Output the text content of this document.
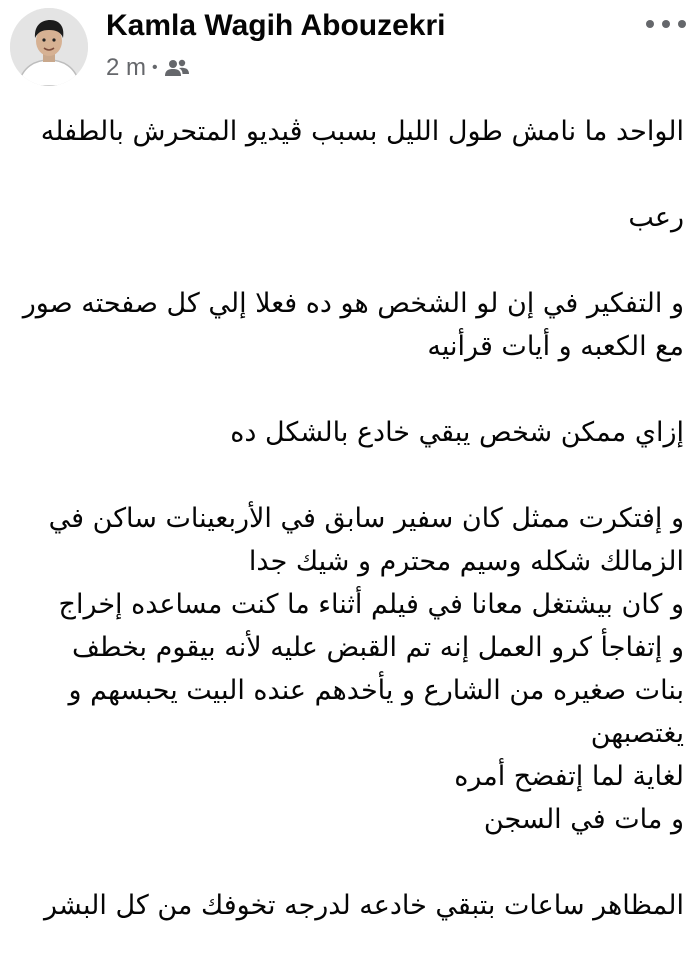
Kamla Wagih Abouzekri
2 m •
الواحد ما نامش طول الليل بسبب ڤيديو المتحرش بالطفله
رعب
و التفكير في إن لو الشخص هو ده فعلا إلي كل صفحته صور
مع الكعبه و أيات قرأنيه
إزاي ممكن شخص يبقي خادع بالشكل ده
و إفتكرت ممثل كان سفير سابق في الأربعينات ساكن في
الزمالك شكله وسيم محترم و شيك جدا
و كان بيشتغل معانا في فيلم أثناء ما كنت مساعده إخراج
و إتفاجأ كرو العمل إنه تم القبض عليه لأنه بيقوم بخطف
بنات صغيره من الشارع و يأخدهم عنده البيت يحبسهم و
يغتصبهن
لغاية لما إتفضح أمره
و مات في السجن
المظاهر ساعات بتبقي خادعه لدرجه تخوفك من كل البشر
